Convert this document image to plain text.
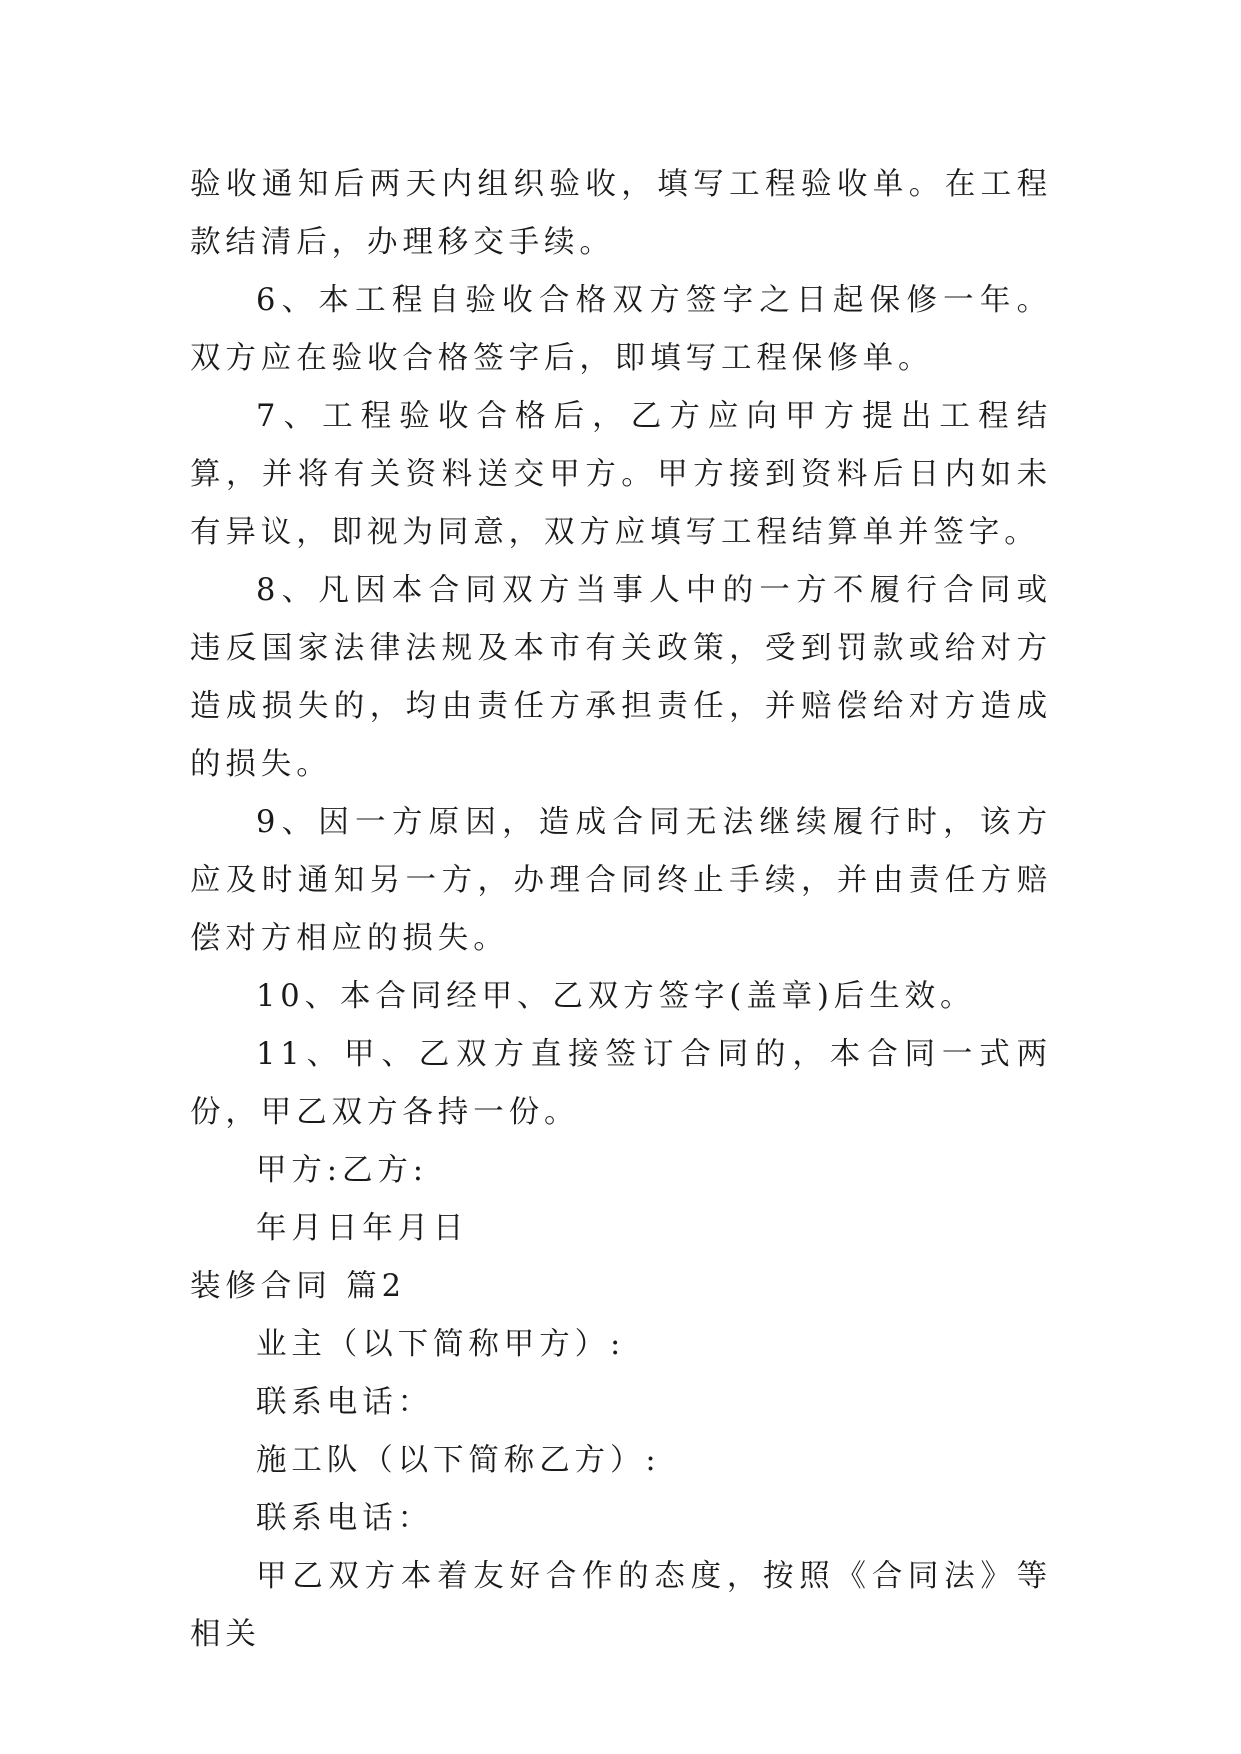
验收通知后两天内组织验收，填写工程验收单。在工程款结清后，办理移交手续。

6、本工程自验收合格双方签字之日起保修一年。双方应在验收合格签字后，即填写工程保修单。

7、工程验收合格后，乙方应向甲方提出工程结算，并将有关资料送交甲方。甲方接到资料后日内如未有异议，即视为同意，双方应填写工程结算单并签字。

8、凡因本合同双方当事人中的一方不履行合同或违反国家法律法规及本市有关政策，受到罚款或给对方造成损失的，均由责任方承担责任，并赔偿给对方造成的损失。

9、因一方原因，造成合同无法继续履行时，该方应及时通知另一方，办理合同终止手续，并由责任方赔偿对方相应的损失。

10、本合同经甲、乙双方签字(盖章)后生效。

11、甲、乙双方直接签订合同的，本合同一式两份，甲乙双方各持一份。

甲方:乙方:

年月日年月日

装修合同 篇2

业主（以下简称甲方）:

联系电话：

施工队（以下简称乙方）:

联系电话：

甲乙双方本着友好合作的态度，按照《合同法》等相关
